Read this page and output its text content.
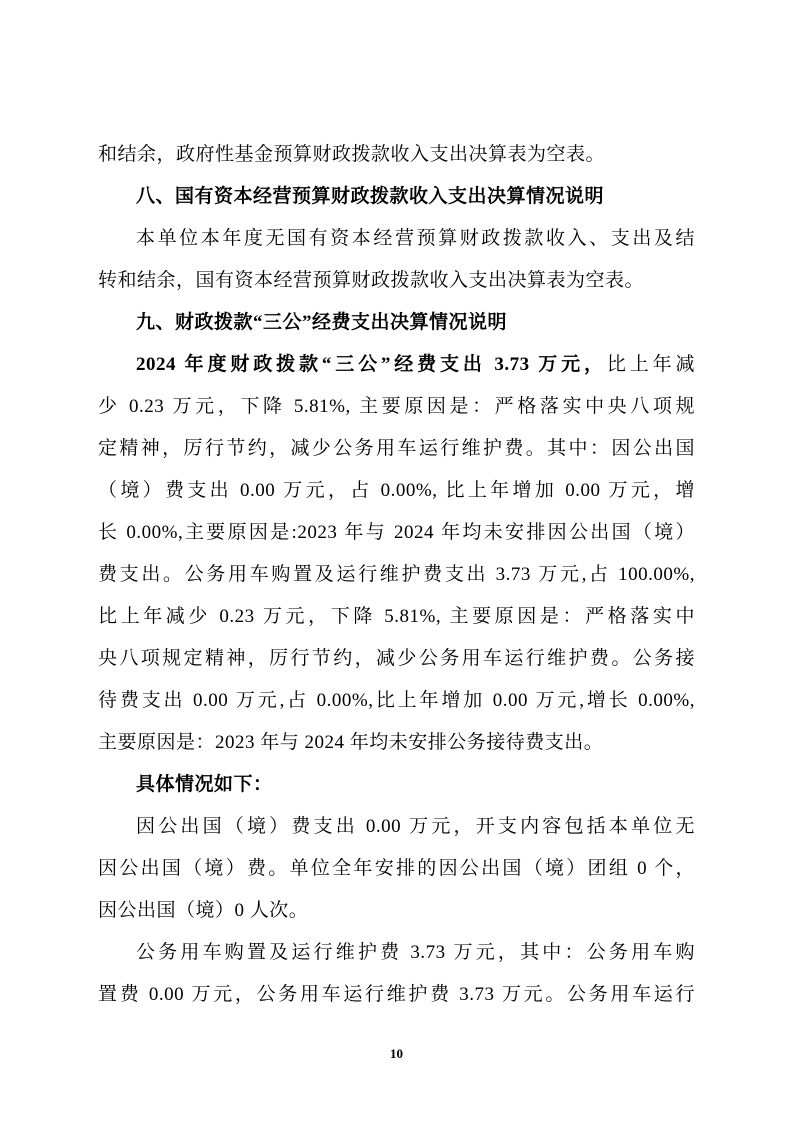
和结余，政府性基金预算财政拨款收入支出决算表为空表。
八、国有资本经营预算财政拨款收入支出决算情况说明
本单位本年度无国有资本经营预算财政拨款收入、支出及结
转和结余，国有资本经营预算财政拨款收入支出决算表为空表。
九、财政拨款“三公”经费支出决算情况说明
2024 年度财政拨款“三公”经费支出 3.73 万元，比上年减
少 0.23 万元，下降 5.81%, 主要原因是：严格落实中央八项规
定精神，厉行节约，减少公务用车运行维护费。其中：因公出国
（境）费支出 0.00 万元，占 0.00%, 比上年增加 0.00 万元，增
长 0.00%,主要原因是:2023 年与 2024 年均未安排因公出国（境）
费支出。公务用车购置及运行维护费支出 3.73 万元,占 100.00%,
比上年减少 0.23 万元，下降 5.81%, 主要原因是：严格落实中
央八项规定精神，厉行节约，减少公务用车运行维护费。公务接
待费支出 0.00 万元,占 0.00%,比上年增加 0.00 万元,增长 0.00%,
主要原因是：2023 年与 2024 年均未安排公务接待费支出。
具体情况如下：
因公出国（境）费支出 0.00 万元，开支内容包括本单位无
因公出国（境）费。单位全年安排的因公出国（境）团组 0 个，
因公出国（境）0 人次。
公务用车购置及运行维护费 3.73 万元，其中：公务用车购
置费 0.00 万元，公务用车运行维护费 3.73 万元。公务用车运行
10
